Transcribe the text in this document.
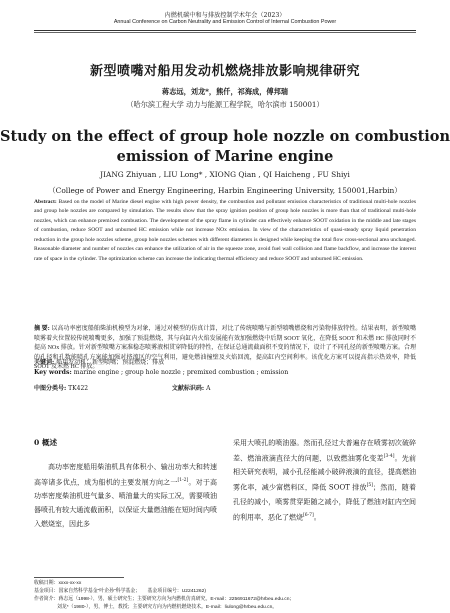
内燃机碳中和与排放控制学术年会（2023）
Annual Conference on Carbon Neutrality and Emission Control of Internal Combustion Power
新型喷嘴对船用发动机燃烧排放影响规律研究
蒋志远，刘龙*，熊仟，祁海成，傅邦瑞
（哈尔滨工程大学 动力与能源工程学院，哈尔滨市 150001）
Study on the effect of group hole nozzle on combustion
emission of Marine engine
JIANG Zhiyuan , LIU Long* , XIONG Qian , QI Haicheng , FU Shiyi
（College of Power and Energy Engineering, Harbin Engineering University, 150001,Harbin）
Abstract: Based on the model of Marine diesel engine with high power density, the combustion and pollutant emission characteristics of traditional multi-hole nozzles and group hole nozzles are compared by simulation. The results show that the spray ignition position of group hole nozzles is more than that of traditional multi-hole nozzles, which can enhance premixed combustion. The development of the spray flame in cylinder can effectively enhance SOOT oxidation in the middle and late stages of combustion, reduce SOOT and unburned HC emission while not increase NOx emission. In view of the characteristics of quasi-steady spray liquid penetration reduction in the group hole nozzles scheme, group hole nozzles schemes with different diameters is designed while keeping the total flow cross-sectional area unchanged. Reasonable diameter and number of nozzles can enhance the utilization of air in the squeeze zone, avoid fuel wall collision and flame backflow, and increase the interest rate of space in the cylinder. The optimization scheme can increase the indicating thermal efficiency and reduce SOOT and unburned HC emission.
摘 要: 以高功率密度船舶柴油机模型为对象，通过对模型的仿真计算，对比了传统喷嘴与新型喷嘴燃烧和污染物排放特性。结果表明，新型喷嘴喷雾着火位置较传统喷嘴更多，加强了预混燃烧，其与向缸内火焰发展能有效加强燃烧中后期 SOOT 氧化，在降低 SOOT 和未燃 HC 排放同时不提高 NOx 排放。针对新型喷嘴方案准稳态喷雾液相贯穿降低的特性，在保证总通流截面积不变的情况下，设计了不同孔径的新型喷嘴方案。合理的孔径和孔数能喷孔方案能加强对挤流区的空气利用，避免燃油撞壁及火焰回流，提高缸内空间利率。该优化方案可以提高指示热效率，降低 SOOT 及未燃 HC 排放。
关键词: 船用发动机；新型喷嘴；预混燃烧；排放
Key words: marine engine ; group hole nozzle ; premixed combustion ; emission
中图分类号: TK422	文献标识码: A
0 概述
高功率密度船用柴油机具有体积小、输出功率大和转速高等诸多优点，成为船机的主要发展方向之一[1-2]。对于高功率密度柴油机进气量多、喷油量大的实际工况，需要喷油器喷孔有较大通流截面积，以保证大量燃油能在短时间内喷入燃烧室，因此多
采用大喷孔的喷油器。然而孔径过大普遍存在喷雾初次破碎差、燃油液滴直径大的问题，以致燃油雾化变差[3-4]。先前相关研究表明，减小孔径能减小破碎液滴的直径，提高燃油雾化率，减少富燃料区，降低 SOOT 排放[5]；然而，随着孔径的减小，喷雾贯穿距随之减小，降低了燃油对缸内空间的利用率，恶化了燃烧[6-7]。
收稿日期：xxxx-xx-xx
基金项目：国家自然科学基金"叶企孙"科学基金；　　基金项目编号：U2241262)
作者简介：蒋志远（1998-），男，硕士研究生；主要研究方向为内燃机仿真研究。E-mail：2256911672@hrbeu.edu.cn；
刘龙*（1980-），男，博士，教授；主要研究方向为内燃机燃烧技术。E-mail：liulong@hrbeu.edu.cn。
